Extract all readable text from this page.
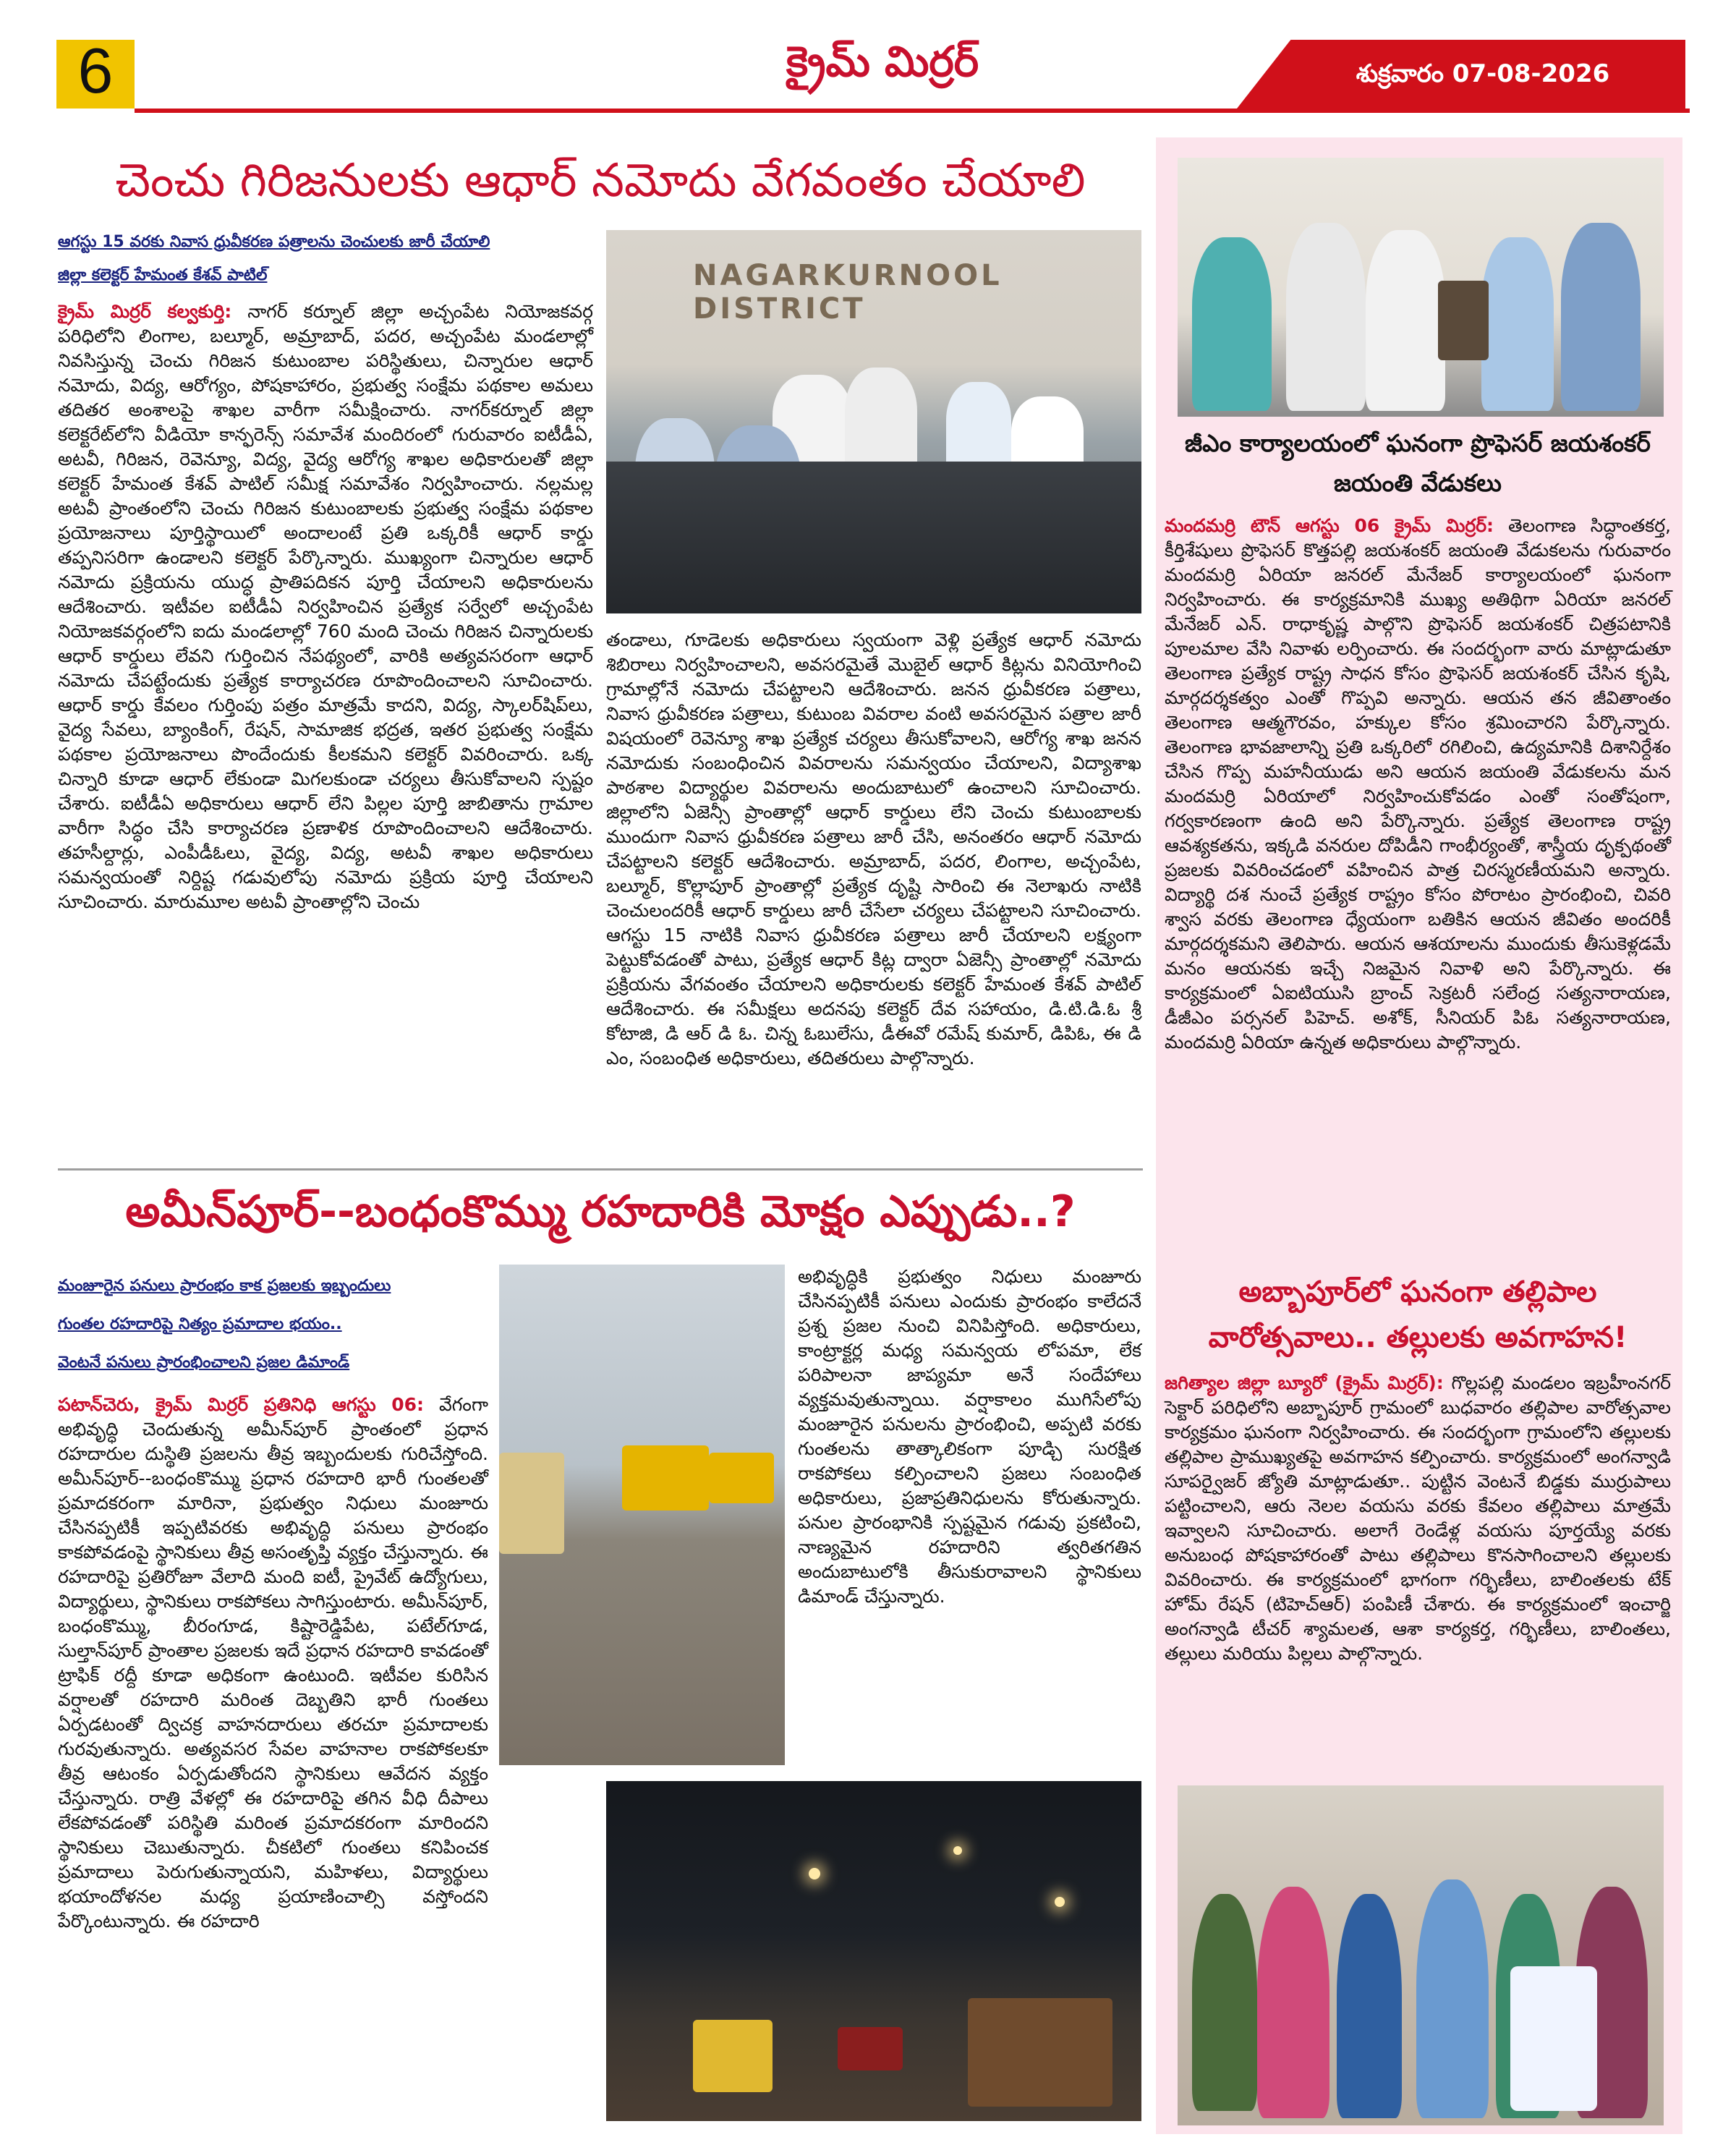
6	క్రైమ్ మిర్రర్	శుక్రవారం 07-08-2026
చెంచు గిరిజనులకు ఆధార్ నమోదు వేగవంతం చేయాలి
ఆగస్టు 15 వరకు నివాస ధ్రువీకరణ పత్రాలను చెంచులకు జారీ చేయాలి
జిల్లా కలెక్టర్ హేమంత కేశవ్ పాటిల్
క్రైమ్ మిర్రర్ కల్వకుర్తి: నాగర్ కర్నూల్ జిల్లా అచ్చంపేట నియోజకవర్గ పరిధిలోని లింగాల, బల్మూర్, అమ్రాబాద్, పదర, అచ్చంపేట మండలాల్లో నివసిస్తున్న చెంచు గిరిజన కుటుంబాల పరిస్థితులు, చిన్నారుల ఆధార్ నమోదు, విద్య, ఆరోగ్యం, పోషకాహారం, ప్రభుత్వ సంక్షేమ పథకాల అమలు తదితర అంశాలపై శాఖల వారీగా సమీక్షించారు. నాగర్‌కర్నూల్ జిల్లా కలెక్టరేట్‌లోని వీడియో కాన్ఫరెన్స్ సమావేశ మందిరంలో గురువారం ఐటీడీఏ, అటవీ, గిరిజన, రెవెన్యూ, విద్య, వైద్య ఆరోగ్య శాఖల అధికారులతో జిల్లా కలెక్టర్ హేమంత కేశవ్ పాటిల్ సమీక్ష సమావేశం నిర్వహించారు. నల్లమల్ల అటవీ ప్రాంతంలోని చెంచు గిరిజన కుటుంబాలకు ప్రభుత్వ సంక్షేమ పథకాల ప్రయోజనాలు పూర్తిస్థాయిలో అందాలంటే ప్రతి ఒక్కరికీ ఆధార్ కార్డు తప్పనిసరిగా ఉండాలని కలెక్టర్ పేర్కొన్నారు. ముఖ్యంగా చిన్నారుల ఆధార్ నమోదు ప్రక్రియను యుద్ధ ప్రాతిపదికన పూర్తి చేయాలని అధికారులను ఆదేశించారు. ఇటీవల ఐటీడీఏ నిర్వహించిన ప్రత్యేక సర్వేలో అచ్చంపేట నియోజకవర్గంలోని ఐదు మండలాల్లో 760 మంది చెంచు గిరిజన చిన్నారులకు ఆధార్ కార్డులు లేవని గుర్తించిన నేపథ్యంలో, వారికి అత్యవసరంగా ఆధార్ నమోదు చేపట్టేందుకు ప్రత్యేక కార్యాచరణ రూపొందించాలని సూచించారు. ఆధార్ కార్డు కేవలం గుర్తింపు పత్రం మాత్రమే కాదని, విద్య, స్కాలర్‌షిప్‌లు, వైద్య సేవలు, బ్యాంకింగ్, రేషన్, సామాజిక భద్రత, ఇతర ప్రభుత్వ సంక్షేమ పథకాల ప్రయోజనాలు పొందేందుకు కీలకమని కలెక్టర్ వివరించారు. ఒక్క చిన్నారి కూడా ఆధార్ లేకుండా మిగలకుండా చర్యలు తీసుకోవాలని స్పష్టం చేశారు. ఐటీడీఏ అధికారులు ఆధార్ లేని పిల్లల పూర్తి జాబితాను గ్రామాల వారీగా సిద్ధం చేసి కార్యాచరణ ప్రణాళిక రూపొందించాలని ఆదేశించారు. తహసీల్దార్లు, ఎంపీడీఓలు, వైద్య, విద్య, అటవీ శాఖల అధికారులు సమన్వయంతో నిర్దిష్ట గడువులోపు నమోదు ప్రక్రియ పూర్తి చేయాలని సూచించారు. మారుమూల అటవీ ప్రాంతాల్లోని చెంచు
NAGARKURNOOL DISTRICT
తండాలు, గూడెలకు అధికారులు స్వయంగా వెళ్లి ప్రత్యేక ఆధార్ నమోదు శిబిరాలు నిర్వహించాలని, అవసరమైతే మొబైల్ ఆధార్ కిట్లను వినియోగించి గ్రామాల్లోనే నమోదు చేపట్టాలని ఆదేశించారు. జనన ధ్రువీకరణ పత్రాలు, నివాస ధ్రువీకరణ పత్రాలు, కుటుంబ వివరాల వంటి అవసరమైన పత్రాల జారీ విషయంలో రెవెన్యూ శాఖ ప్రత్యేక చర్యలు తీసుకోవాలని, ఆరోగ్య శాఖ జనన నమోదుకు సంబంధించిన వివరాలను సమన్వయం చేయాలని, విద్యాశాఖ పాఠశాల విద్యార్థుల వివరాలను అందుబాటులో ఉంచాలని సూచించారు. జిల్లాలోని ఏజెన్సీ ప్రాంతాల్లో ఆధార్ కార్డులు లేని చెంచు కుటుంబాలకు ముందుగా నివాస ధ్రువీకరణ పత్రాలు జారీ చేసి, అనంతరం ఆధార్ నమోదు చేపట్టాలని కలెక్టర్ ఆదేశించారు. అమ్రాబాద్, పదర, లింగాల, అచ్చంపేట, బల్మూర్, కొల్లాపూర్ ప్రాంతాల్లో ప్రత్యేక దృష్టి సారించి ఈ నెలాఖరు నాటికి చెంచులందరికీ ఆధార్ కార్డులు జారీ చేసేలా చర్యలు చేపట్టాలని సూచించారు. ఆగస్టు 15 నాటికి నివాస ధ్రువీకరణ పత్రాలు జారీ చేయాలని లక్ష్యంగా పెట్టుకోవడంతో పాటు, ప్రత్యేక ఆధార్ కిట్ల ద్వారా ఏజెన్సీ ప్రాంతాల్లో నమోదు ప్రక్రియను వేగవంతం చేయాలని అధికారులకు కలెక్టర్ హేమంత కేశవ్ పాటిల్ ఆదేశించారు. ఈ సమీక్షలు అదనపు కలెక్టర్ దేవ సహాయం, డి.టి.డి.ఓ శ్రీ కోటాజి, డి ఆర్ డి ఓ. చిన్న ఓబులేసు, డీఈవో రమేష్ కుమార్, డిపిఓ, ఈ డి ఎం, సంబంధిత అధికారులు, తదితరులు పాల్గొన్నారు.
అమీన్‌పూర్--బంధంకొమ్ము రహదారికి మోక్షం ఎప్పుడు..?
మంజూరైన పనులు ప్రారంభం కాక ప్రజలకు ఇబ్బందులు
గుంతల రహదారిపై నిత్యం ప్రమాదాల భయం..
వెంటనే పనులు ప్రారంభించాలని ప్రజల డిమాండ్
పటాన్‌చెరు, క్రైమ్ మిర్రర్ ప్రతినిధి ఆగస్టు 06: వేగంగా అభివృద్ధి చెందుతున్న అమీన్‌పూర్ ప్రాంతంలో ప్రధాన రహదారుల దుస్థితి ప్రజలను తీవ్ర ఇబ్బందులకు గురిచేస్తోంది. అమీన్‌పూర్--బంధంకొమ్ము ప్రధాన రహదారి భారీ గుంతలతో ప్రమాదకరంగా మారినా, ప్రభుత్వం నిధులు మంజూరు చేసినప్పటికీ ఇప్పటివరకు అభివృద్ధి పనులు ప్రారంభం కాకపోవడంపై స్థానికులు తీవ్ర అసంతృప్తి వ్యక్తం చేస్తున్నారు. ఈ రహదారిపై ప్రతిరోజూ వేలాది మంది ఐటీ, ప్రైవేట్ ఉద్యోగులు, విద్యార్థులు, స్థానికులు రాకపోకలు సాగిస్తుంటారు. అమీన్‌పూర్, బంధంకొమ్ము, బీరంగూడ, కిష్టారెడ్డిపేట, పటేల్‌గూడ, సుల్తాన్‌పూర్ ప్రాంతాల ప్రజలకు ఇదే ప్రధాన రహదారి కావడంతో ట్రాఫిక్ రద్దీ కూడా అధికంగా ఉంటుంది. ఇటీవల కురిసిన వర్షాలతో రహదారి మరింత దెబ్బతిని భారీ గుంతలు ఏర్పడటంతో ద్విచక్ర వాహనదారులు తరచూ ప్రమాదాలకు గురవుతున్నారు. అత్యవసర సేవల వాహనాల రాకపోకలకూ తీవ్ర ఆటంకం ఏర్పడుతోందని స్థానికులు ఆవేదన వ్యక్తం చేస్తున్నారు. రాత్రి వేళల్లో ఈ రహదారిపై తగిన వీధి దీపాలు లేకపోవడంతో పరిస్థితి మరింత ప్రమాదకరంగా మారిందని స్థానికులు చెబుతున్నారు. చీకటిలో గుంతలు కనిపించక ప్రమాదాలు పెరుగుతున్నాయని, మహిళలు, విద్యార్థులు భయాందోళనల మధ్య ప్రయాణించాల్సి వస్తోందని పేర్కొంటున్నారు. ఈ రహదారి
అభివృద్ధికి ప్రభుత్వం నిధులు మంజూరు చేసినప్పటికీ పనులు ఎందుకు ప్రారంభం కాలేదనే ప్రశ్న ప్రజల నుంచి వినిపిస్తోంది. అధికారులు, కాంట్రాక్టర్ల మధ్య సమన్వయ లోపమా, లేక పరిపాలనా జాప్యమా అనే సందేహాలు వ్యక్తమవుతున్నాయి. వర్షాకాలం ముగిసేలోపు మంజూరైన పనులను ప్రారంభించి, అప్పటి వరకు గుంతలను తాత్కాలికంగా పూడ్చి సురక్షిత రాకపోకలు కల్పించాలని ప్రజలు సంబంధిత అధికారులు, ప్రజాప్రతినిధులను కోరుతున్నారు. పనుల ప్రారంభానికి స్పష్టమైన గడువు ప్రకటించి, నాణ్యమైన రహదారిని త్వరితగతిన అందుబాటులోకి తీసుకురావాలని స్థానికులు డిమాండ్ చేస్తున్నారు.
జీఎం కార్యాలయంలో ఘనంగా ప్రొఫెసర్ జయశంకర్ జయంతి వేడుకలు
మందమర్రి టౌన్ ఆగస్టు 06 క్రైమ్ మిర్రర్: తెలంగాణ సిద్ధాంతకర్త, కీర్తిశేషులు ప్రొఫెసర్ కొత్తపల్లి జయశంకర్ జయంతి వేడుకలను గురువారం మందమర్రి ఏరియా జనరల్ మేనేజర్ కార్యాలయంలో ఘనంగా నిర్వహించారు. ఈ కార్యక్రమానికి ముఖ్య అతిథిగా ఏరియా జనరల్ మేనేజర్ ఎన్. రాధాకృష్ణ పాల్గొని ప్రొఫెసర్ జయశంకర్ చిత్రపటానికి పూలమాల వేసి నివాళు లర్పించారు. ఈ సందర్భంగా వారు మాట్లాడుతూ తెలంగాణ ప్రత్యేక రాష్ట్ర సాధన కోసం ప్రొఫెసర్ జయశంకర్ చేసిన కృషి, మార్గదర్శకత్వం ఎంతో గొప్పవి అన్నారు. ఆయన తన జీవితాంతం తెలంగాణ ఆత్మగౌరవం, హక్కుల కోసం శ్రమించారని పేర్కొన్నారు. తెలంగాణ భావజాలాన్ని ప్రతి ఒక్కరిలో రగిలించి, ఉద్యమానికి దిశానిర్దేశం చేసిన గొప్ప మహనీయుడు అని ఆయన జయంతి వేడుకలను మన మందమర్రి ఏరియాలో నిర్వహించుకోవడం ఎంతో సంతోషంగా, గర్వకారణంగా ఉంది అని పేర్కొన్నారు. ప్రత్యేక తెలంగాణ రాష్ట్ర ఆవశ్యకతను, ఇక్కడి వనరుల దోపిడీని గాంభీర్యంతో, శాస్త్రీయ దృక్పథంతో ప్రజలకు వివరించడంలో వహించిన పాత్ర చిరస్మరణీయమని అన్నారు. విద్యార్థి దశ నుంచే ప్రత్యేక రాష్ట్రం కోసం పోరాటం ప్రారంభించి, చివరి శ్వాస వరకు తెలంగాణ ధ్యేయంగా బతికిన ఆయన జీవితం అందరికీ మార్గదర్శకమని తెలిపారు. ఆయన ఆశయాలను ముందుకు తీసుకెళ్లడమే మనం ఆయనకు ఇచ్చే నిజమైన నివాళి అని పేర్కొన్నారు. ఈ కార్యక్రమంలో ఏఐటియుసి బ్రాంచ్ సెక్రటరీ సలేంద్ర సత్యనారాయణ, డీజీఎం పర్సనల్ పిహెచ్. అశోక్, సీనియర్ పిఓ సత్యనారాయణ, మందమర్రి ఏరియా ఉన్నత అధికారులు పాల్గొన్నారు.
అబ్బాపూర్‌లో ఘనంగా తల్లిపాల వారోత్సవాలు.. తల్లులకు అవగాహన!
జగిత్యాల జిల్లా బ్యూరో (క్రైమ్ మిర్రర్): గొల్లపల్లి మండలం ఇబ్రహీంనగర్ సెక్టార్ పరిధిలోని అబ్బాపూర్ గ్రామంలో బుధవారం తల్లిపాల వారోత్సవాల కార్యక్రమం ఘనంగా నిర్వహించారు. ఈ సందర్భంగా గ్రామంలోని తల్లులకు తల్లిపాల ప్రాముఖ్యతపై అవగాహన కల్పించారు. కార్యక్రమంలో అంగన్వాడి సూపర్వైజర్ జ్యోతి మాట్లాడుతూ.. పుట్టిన వెంటనే బిడ్డకు ముర్రుపాలు పట్టించాలని, ఆరు నెలల వయసు వరకు కేవలం తల్లిపాలు మాత్రమే ఇవ్వాలని సూచించారు. అలాగే రెండేళ్ల వయసు పూర్తయ్యే వరకు అనుబంధ పోషకాహారంతో పాటు తల్లిపాలు కొనసాగించాలని తల్లులకు వివరించారు. ఈ కార్యక్రమంలో భాగంగా గర్భిణీలు, బాలింతలకు టేక్ హోమ్ రేషన్ (టిహెచ్ఆర్) పంపిణీ చేశారు. ఈ కార్యక్రమంలో ఇంచార్జి అంగన్వాడి టీచర్ శ్యామలత, ఆశా కార్యకర్త, గర్భిణీలు, బాలింతలు, తల్లులు మరియు పిల్లలు పాల్గొన్నారు.
